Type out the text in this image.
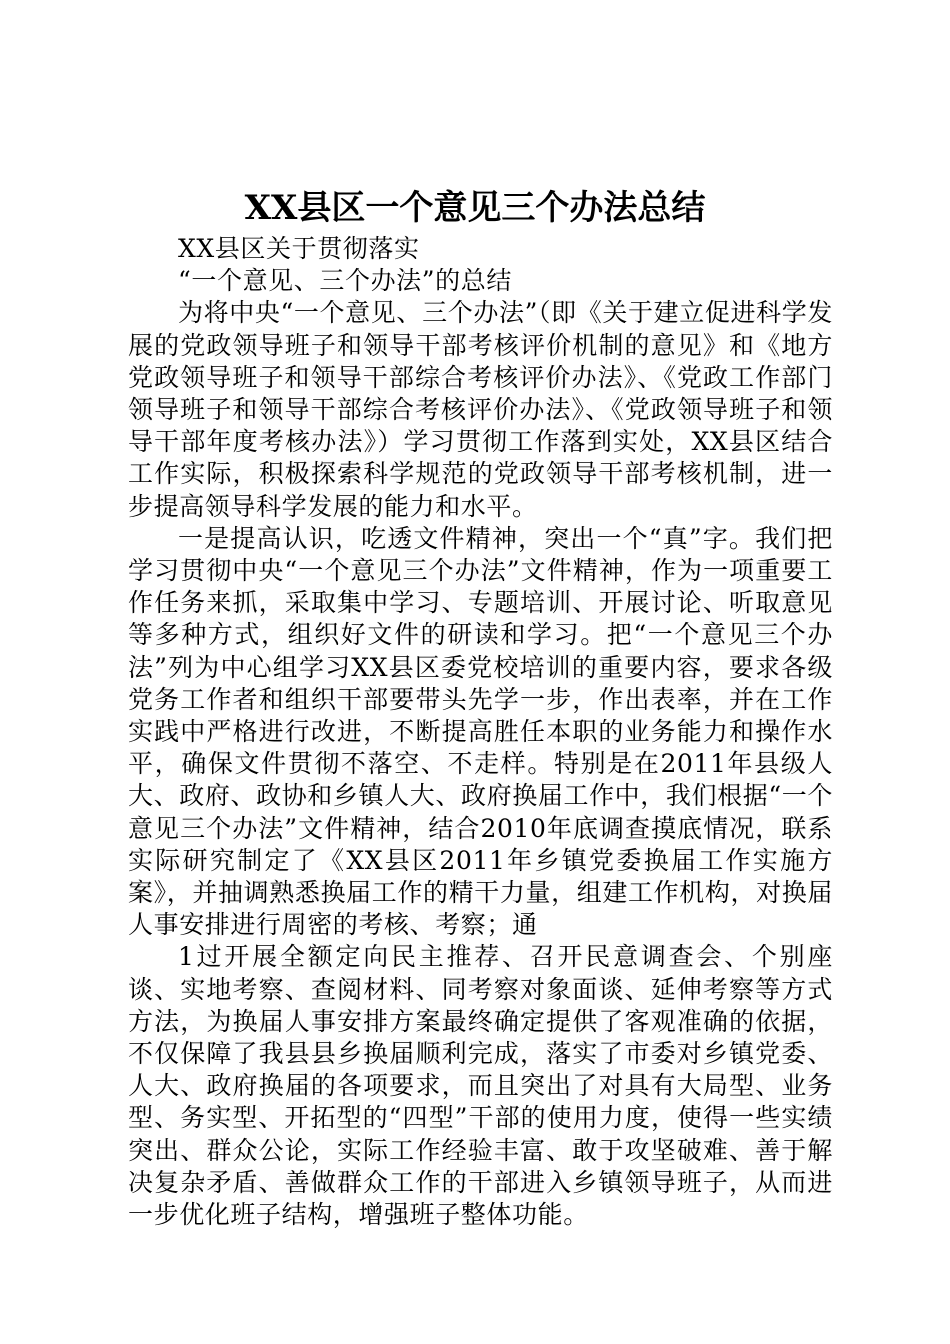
XX县区一个意见三个办法总结

XX县区关于贯彻落实

“一个意见、三个办法”的总结

为将中央“一个意见、三个办法”（即《关于建立促进科学发展的党政领导班子和领导干部考核评价机制的意见》和《地方党政领导班子和领导干部综合考核评价办法》、《党政工作部门领导班子和领导干部综合考核评价办法》、《党政领导班子和领导干部年度考核办法》）学习贯彻工作落到实处，XX县区结合工作实际，积极探索科学规范的党政领导干部考核机制，进一步提高领导科学发展的能力和水平。

一是提高认识，吃透文件精神，突出一个“真”字。我们把学习贯彻中央“一个意见三个办法”文件精神，作为一项重要工作任务来抓，采取集中学习、专题培训、开展讨论、听取意见等多种方式，组织好文件的研读和学习。把“一个意见三个办法”列为中心组学习XX县区委党校培训的重要内容，要求各级党务工作者和组织干部要带头先学一步，作出表率，并在工作实践中严格进行改进，不断提高胜任本职的业务能力和操作水平，确保文件贯彻不落空、不走样。特别是在2011年县级人大、政府、政协和乡镇人大、政府换届工作中，我们根据“一个意见三个办法”文件精神，结合2010年底调查摸底情况，联系实际研究制定了《XX县区2011年乡镇党委换届工作实施方案》，并抽调熟悉换届工作的精干力量，组建工作机构，对换届人事安排进行周密的考核、考察；通

1过开展全额定向民主推荐、召开民意调查会、个别座谈、实地考察、查阅材料、同考察对象面谈、延伸考察等方式方法，为换届人事安排方案最终确定提供了客观准确的依据，不仅保障了我县县乡换届顺利完成，落实了市委对乡镇党委、人大、政府换届的各项要求，而且突出了对具有大局型、业务型、务实型、开拓型的“四型”干部的使用力度，使得一些实绩突出、群众公论，实际工作经验丰富、敢于攻坚破难、善于解决复杂矛盾、善做群众工作的干部进入乡镇领导班子，从而进一步优化班子结构，增强班子整体功能。
